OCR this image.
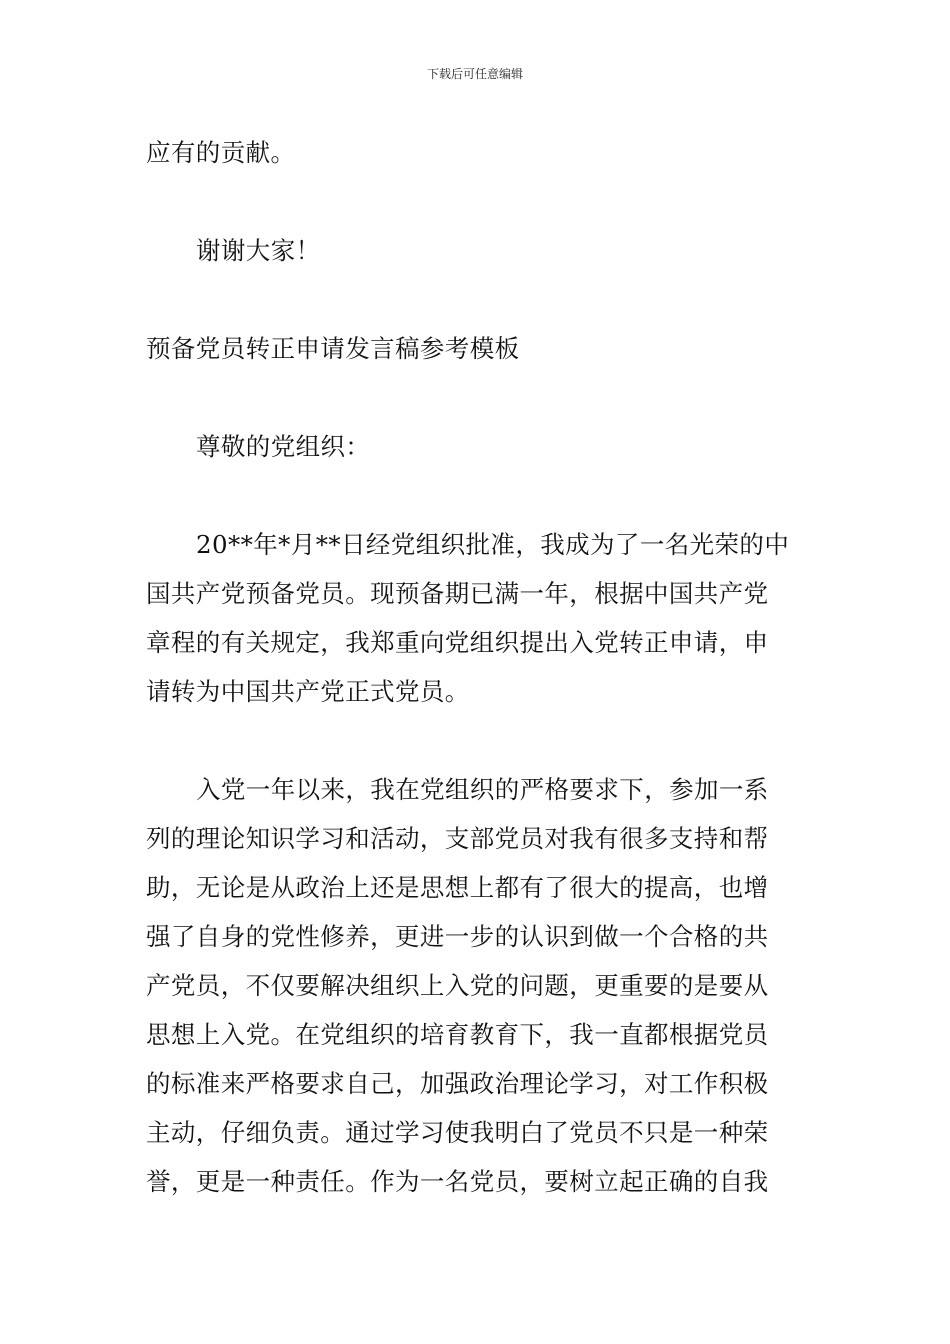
下载后可任意编辑

应有的贡献。

谢谢大家！

预备党员转正申请发言稿参考模板

尊敬的党组织：

20**年*月**日经党组织批准，我成为了一名光荣的中
国共产党预备党员。现预备期已满一年，根据中国共产党
章程的有关规定，我郑重向党组织提出入党转正申请，申
请转为中国共产党正式党员。
入党一年以来，我在党组织的严格要求下，参加一系
列的理论知识学习和活动，支部党员对我有很多支持和帮
助，无论是从政治上还是思想上都有了很大的提高，也增
强了自身的党性修养，更进一步的认识到做一个合格的共
产党员，不仅要解决组织上入党的问题，更重要的是要从
思想上入党。在党组织的培育教育下，我一直都根据党员
的标准来严格要求自己，加强政治理论学习，对工作积极
主动，仔细负责。通过学习使我明白了党员不只是一种荣
誉，更是一种责任。作为一名党员，要树立起正确的自我
